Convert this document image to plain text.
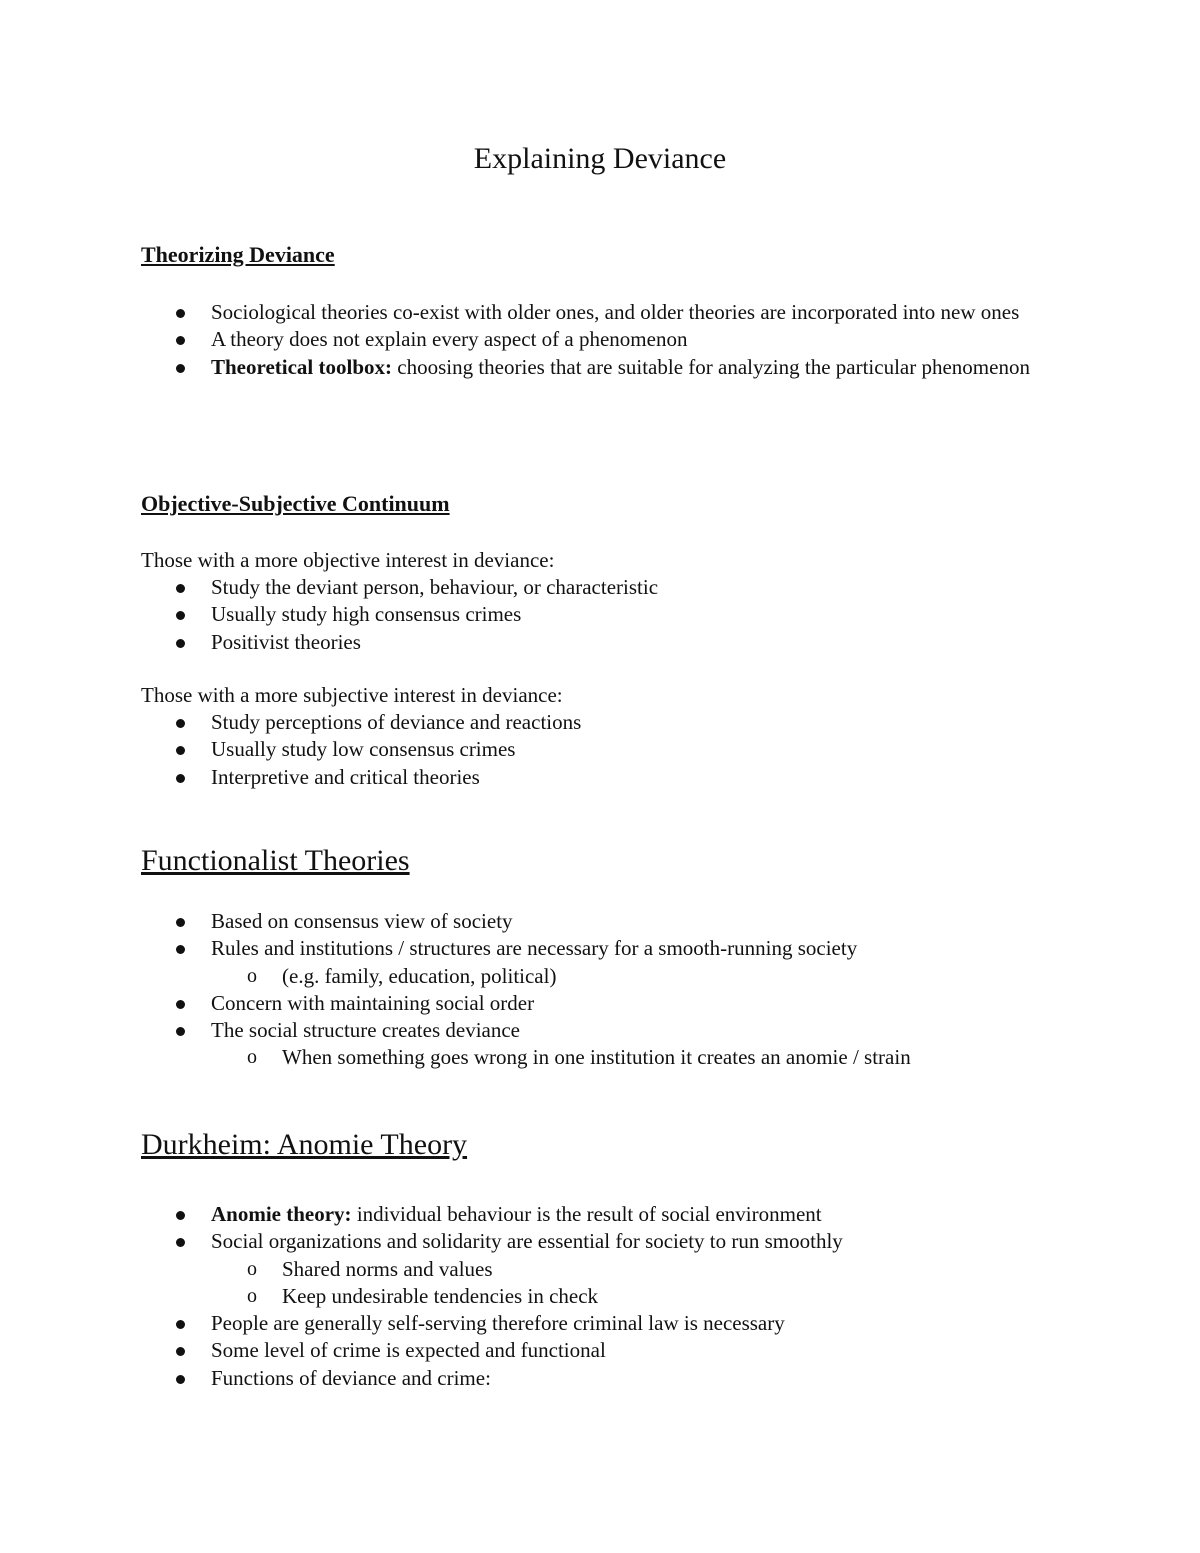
Explaining Deviance
Theorizing Deviance
Sociological theories co-exist with older ones, and older theories are incorporated into new ones
A theory does not explain every aspect of a phenomenon
Theoretical toolbox: choosing theories that are suitable for analyzing the particular phenomenon
Objective-Subjective Continuum

Those with a more objective interest in deviance:

Study the deviant person, behaviour, or characteristic
Usually study high consensus crimes
Positivist theories

Those with a more subjective interest in deviance:

Study perceptions of deviance and reactions
Usually study low consensus crimes
Interpretive and critical theories
Functionalist Theories
Based on consensus view of society
Rules and institutions / structures are necessary for a smooth-running society
o (e.g. family, education, political)
Concern with maintaining social order
The social structure creates deviance
o When something goes wrong in one institution it creates an anomie / strain
Durkheim: Anomie Theory
Anomie theory: individual behaviour is the result of social environment
Social organizations and solidarity are essential for society to run smoothly
o Shared norms and values
o Keep undesirable tendencies in check
People are generally self-serving therefore criminal law is necessary
Some level of crime is expected and functional
Functions of deviance and crime:
